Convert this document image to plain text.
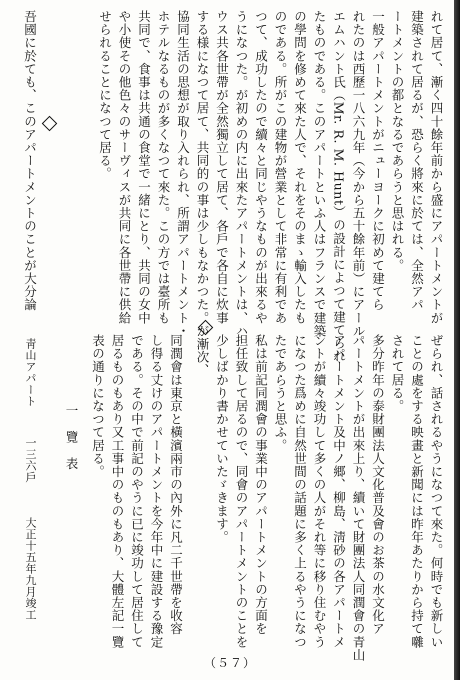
れて居て、漸く四十餘年前から盛にアパートメントが

建築されて居るが、恐らく將來に於ては、全然アパ

ートメントの都となるであらうと思はれる。

一般アパートメントがニューヨークに初めて建てら

れたのは西歷一八六九年（今から五十餘年前）にアール

エムハント氏（Mr. R. M. Hunt）の設計によつて建てられ

たものである。このアパートといふ人はフランスで建築

の學問を修めて來た人で、それをそのまゝ輸入したも

のである。所がこの建物が營業として非常に有利であ

つて、成功したので續々と同じやうなものが出來るや

うになつた。が初めの内に出來たアパートメントは、ハ

ウス共各世帶が全然獨立して居て、各戶で各自に炊事

する様になつて居て、共同的の事は少しもなかつた。が漸次、

協同生活の思想が取り入れられ、所謂アパートメント・

ホテルなるものが多くなつて來た。この方では臺所も

共同で、食事は共通の食堂で一緒にとり、共同の女中

や小使その他色々のサーヴィスが共同に各世帶に供給

せられることになつて居る。

吾國に於ても、このアパートメントのことが大分論

ぜられ、話されるやうになつて來た。何時でも新しい

ことの處をする映畫と新聞には昨年あたりから持て囃

されて居る。

多分昨年の泰財團法人文化普及會のお茶の水文化ア

パートメントが出來上り、續いて財團法人同潤會の青山

アパートメント及中ノ郷、柳島、淸砂の各アパートメ

ントが續々竣功して多くの人がそれ等に移り住むやう

になつた爲めに自然世間の話題に多く上るやうになつ

たであらうと思ふ。

私は前記同潤會の事業中のアパートメントの方面を

担任致して居るので、同會のアパートメントのことを

少しばかり書かせていたゞきます。

同潤會は東京と橫濱兩市の內外に凡二千世帶を收容

し得る丈けのアパートメントを今年中に建設する豫定

である。その中で前記のやうに已に竣功して居住して

居るものもあり又工事中のものもあり、大體左記一覽

表の通りになつて居る。

一覽表
靑山アパート  一三六戶  大正十五年九月竣工
（５７）
